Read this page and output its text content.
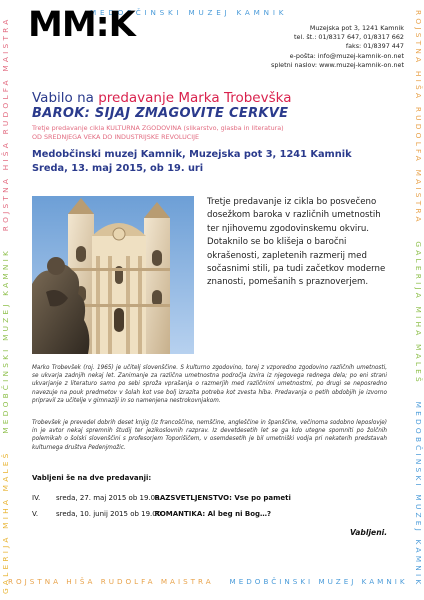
GALERIJA MIHA MALEŠ   MEDOBČINSKI MUZEJ KAMNIK   ROJSTNA HIŠA RUDOLFA MAISTRA	ROJSTNA HIŠA RUDOLFA MAISTRA   GALERIJA MIHA MALEŠ   MEDOBČINSKI MUZEJ KAMNIK
MEDOBČINSKI MUZEJ KAMNIK
ROJSTNA HIŠA RUDOLFA MAISTRA MEDOBČINSKI MUZEJ KAMNIK
MM:K	Muzejska pot 3, 1241 Kamnik
tel. št.: 01/8317 647, 01/8317 662
faks: 01/8397 447
e-pošta: info@muzej-kamnik-on.net
spletni naslov: www.muzej-kamnik-on.net
Vabilo na predavanje Marka Trobevška
BAROK: SIJAJ ZMAGOVITE CERKVE
Tretje predavanje cikla KULTURNA ZGODOVINA (slikarstvo, glasba in literatura)
OD SREDNJEGA VEKA DO INDUSTRIJSKE REVOLUCIJE
Medobčinski muzej Kamnik, Muzejska pot 3, 1241 Kamnik
Sreda, 13. maj 2015, ob 19. uri
Tretje predavanje iz cikla bo posvečeno dosežkom baroka v različnih umetnostih ter njihovemu zgodovinskemu okviru. Dotaknilo se bo klišeja o baročni okrašenosti, zapletenih razmerij med sočasnimi stili, pa tudi začetkov moderne znanosti, pomešanih s praznoverjem.
Marko Trobevšek (roj. 1965) je učitelj slovenščine. S kulturno zgodovino, torej z vzporedno zgodovino različnih umetnosti, se ukvarja zadnjih nekaj let. Zanimanje za različna umetnostna področja izvira iz njegovega rednega dela; po eni strani ukvarjanje z literaturo samo po sebi sproža vprašanja o razmerjih med različnimi umetnostmi, po drugi se neposredno navezuje na pouk predmetov v šolah kot vse bolj izrazita potreba kot zvesta hiba. Predavanja o petih obdobjih je izvorno pripravil za učitelje v gimnaziji in so namenjena nestrokovnjakom.
Trobevšek je prevedel dobrih deset knjig (iz francoščine, nemščine, angleščine in španščine, večinoma sodobno leposlovje) in je avtor nekaj spremnih študij ter jezikoslovnih razprav. Iz devetdesetih let se ga kdo utegne spomniti po žolčnih polemikah o šolski slovenščini s profesorjem Toporišičem, v osemdesetih je bil umetniški vodja pri nekaterih predstavah kulturnega društva Pedenjmožic.
Vabljeni še na dve predavanji:
IV. sreda, 27. maj 2015 ob 19.00  RAZSVETLJENSTVO: Vse po pameti
V.	sreda, 10. junij 2015 ob 19.00  ROMANTIKA: Al beg ni Bog…?
Vabljeni.
